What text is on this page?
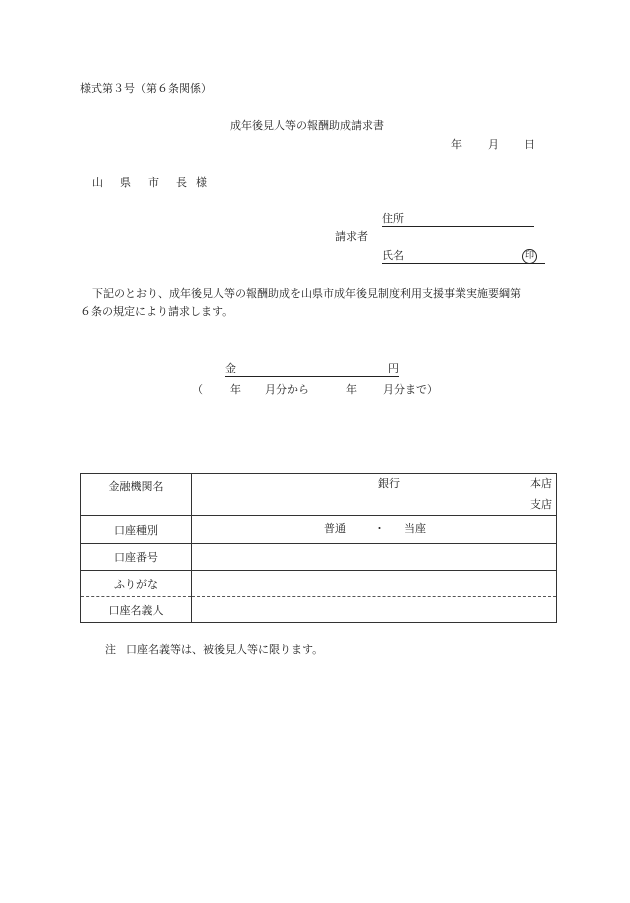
様式第３号（第６条関係）
成年後見人等の報酬助成請求書
年 月 日
山　県　市　長 様
住所
請求者
氏名	印
下記のとおり、成年後見人等の報酬助成を山県市成年後見制度利用支援事業実施要綱第
６条の規定により請求します。
金	円
（ 年 月分から	年 月分まで）
金融機関名	銀行 本店
支店

口座種別	普通 ・ 当座

口座番号	
ふりがな	
口座名義人	
注 口座名義等は、被後見人等に限ります。
